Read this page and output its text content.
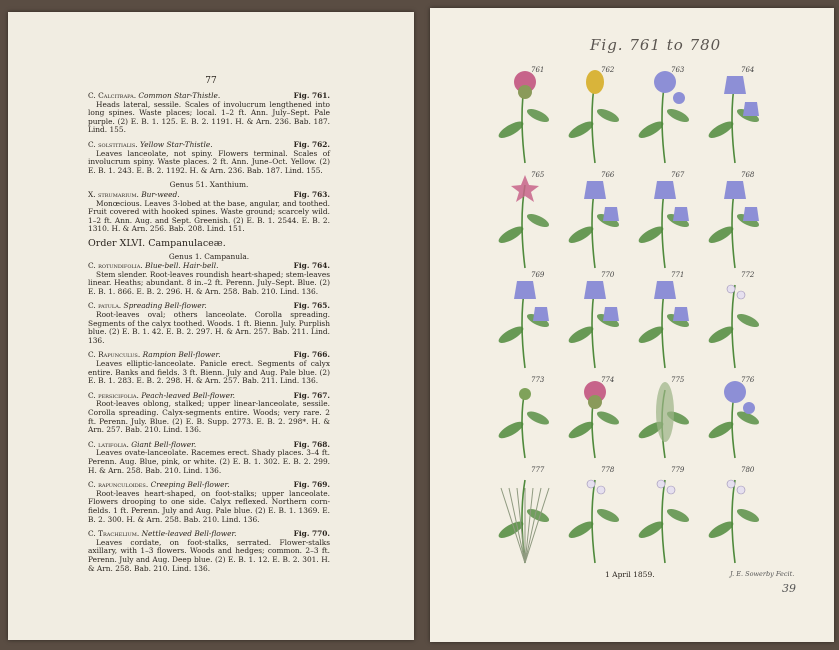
77
C. Calcitrapa. Common Star-Thistle.	Fig. 761.
Heads lateral, sessile. Scales of involucrum lengthened into long spines. Waste places; local. 1–2 ft. Ann. July–Sept. Pale purple. (2) E. B. 1. 125. E. B. 2. 1191. H. & Arn. 236. Bab. 187. Lind. 155.
C. solstitialis. Yellow Star-Thistle.	Fig. 762.
Leaves lanceolate, not spiny. Flowers terminal. Scales of involucrum spiny. Waste places. 2 ft. Ann. June–Oct. Yellow. (2) E. B. 1. 243. E. B. 2. 1192. H. & Arn. 236. Bab. 187. Lind. 155.
Genus 51. Xanthium.
X. strumarium. Bur-weed.	Fig. 763.
Monœcious. Leaves 3-lobed at the base, angular, and toothed. Fruit covered with hooked spines. Waste ground; scarcely wild. 1–2 ft. Ann. Aug. and Sept. Greenish. (2) E. B. 1. 2544. E. B. 2. 1310. H. & Arn. 256. Bab. 208. Lind. 151.
Order XLVI. Campanulaceæ.
Genus 1. Campanula.
C. rotundifolia. Blue-bell. Hair-bell.	Fig. 764.
Stem slender. Root-leaves roundish heart-shaped; stem-leaves linear. Heaths; abundant. 8 in.–2 ft. Perenn. July–Sept. Blue. (2) E. B. 1. 866. E. B. 2. 296. H. & Arn. 258. Bab. 210. Lind. 136.
C. patula. Spreading Bell-flower.	Fig. 765.
Root-leaves oval; others lanceolate. Corolla spreading. Segments of the calyx toothed. Woods. 1 ft. Bienn. July. Purplish blue. (2) E. B. 1. 42. E. B. 2. 297. H. & Arn. 257. Bab. 211. Lind. 136.
C. Rapunculus. Rampion Bell-flower.	Fig. 766.
Leaves elliptic-lanceolate. Panicle erect. Segments of calyx entire. Banks and fields. 3 ft. Bienn. July and Aug. Pale blue. (2) E. B. 1. 283. E. B. 2. 298. H. & Arn. 257. Bab. 211. Lind. 136.
C. persicifolia. Peach-leaved Bell-flower.	Fig. 767.
Root-leaves oblong, stalked; upper linear-lanceolate, sessile. Corolla spreading. Calyx-segments entire. Woods; very rare. 2 ft. Perenn. July. Blue. (2) E. B. Supp. 2773. E. B. 2. 298*. H. & Arn. 257. Bab. 210. Lind. 136.
C. latifolia. Giant Bell-flower.	Fig. 768.
Leaves ovate-lanceolate. Racemes erect. Shady places. 3–4 ft. Perenn. Aug. Blue, pink, or white. (2) E. B. 1. 302. E. B. 2. 299. H. & Arn. 258. Bab. 210. Lind. 136.
C. rapunculoides. Creeping Bell-flower.	Fig. 769.
Root-leaves heart-shaped, on foot-stalks; upper lanceolate. Flowers drooping to one side. Calyx reflexed. Northern corn-fields. 1 ft. Perenn. July and Aug. Pale blue. (2) E. B. 1. 1369. E. B. 2. 300. H. & Arn. 258. Bab. 210. Lind. 136.
C. Trachelium. Nettle-leaved Bell-flower.	Fig. 770.
Leaves cordate, on foot-stalks, serrated. Flower-stalks axillary, with 1–3 flowers. Woods and hedges; common. 2–3 ft. Perenn. July and Aug. Deep blue. (2) E. B. 1. 12. E. B. 2. 301. H. & Arn. 258. Bab. 210. Lind. 136.
Fig. 761 to 780
761	762	763	764
765	766	767	768
769	770	771	772
773	774	775	776
777	778	779	780
1 April 1859.	J. E. Sowerby Fecit.
39
